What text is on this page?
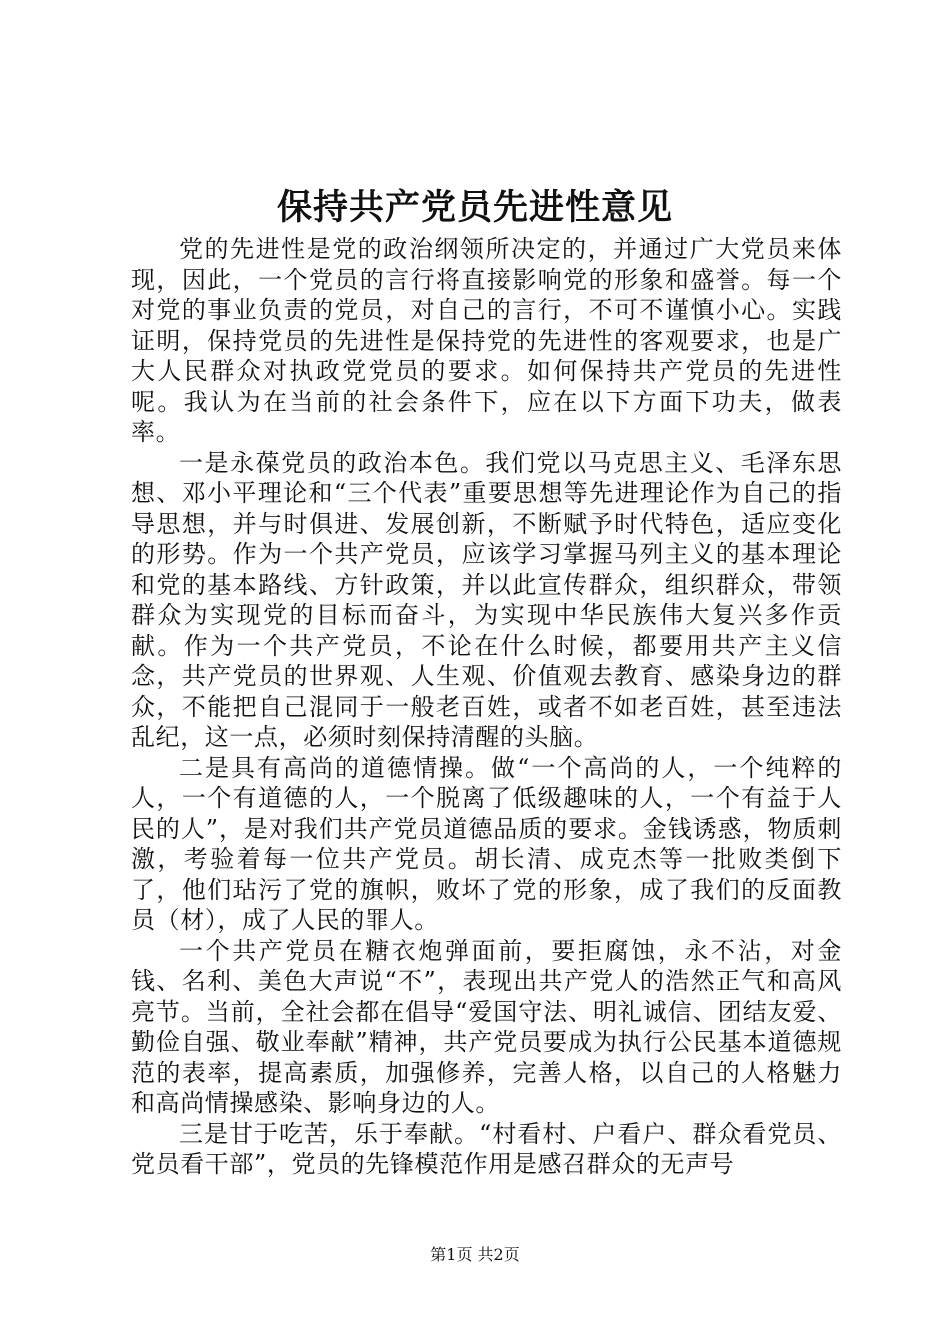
保持共产党员先进性意见

党的先进性是党的政治纲领所决定的，并通过广大党员来体现，因此，一个党员的言行将直接影响党的形象和盛誉。每一个对党的事业负责的党员，对自己的言行，不可不谨慎小心。实践证明，保持党员的先进性是保持党的先进性的客观要求，也是广大人民群众对执政党党员的要求。如何保持共产党员的先进性呢。我认为在当前的社会条件下，应在以下方面下功夫，做表率。

一是永葆党员的政治本色。我们党以马克思主义、毛泽东思想、邓小平理论和“三个代表”重要思想等先进理论作为自己的指导思想，并与时俱进、发展创新，不断赋予时代特色，适应变化的形势。作为一个共产党员，应该学习掌握马列主义的基本理论和党的基本路线、方针政策，并以此宣传群众，组织群众，带领群众为实现党的目标而奋斗，为实现中华民族伟大复兴多作贡献。作为一个共产党员，不论在什么时候，都要用共产主义信念，共产党员的世界观、人生观、价值观去教育、感染身边的群众，不能把自己混同于一般老百姓，或者不如老百姓，甚至违法乱纪，这一点，必须时刻保持清醒的头脑。

二是具有高尚的道德情操。做“一个高尚的人，一个纯粹的人，一个有道德的人，一个脱离了低级趣味的人，一个有益于人民的人”，是对我们共产党员道德品质的要求。金钱诱惑，物质刺激，考验着每一位共产党员。胡长清、成克杰等一批败类倒下了，他们玷污了党的旗帜，败坏了党的形象，成了我们的反面教员（材），成了人民的罪人。

一个共产党员在糖衣炮弹面前，要拒腐蚀，永不沾，对金钱、名利、美色大声说“不”，表现出共产党人的浩然正气和高风亮节。当前，全社会都在倡导“爱国守法、明礼诚信、团结友爱、勤俭自强、敬业奉献”精神，共产党员要成为执行公民基本道德规范的表率，提高素质，加强修养，完善人格，以自己的人格魅力和高尚情操感染、影响身边的人。

三是甘于吃苦，乐于奉献。“村看村、户看户、群众看党员、党员看干部”，党员的先锋模范作用是感召群众的无声号

第1页 共2页
